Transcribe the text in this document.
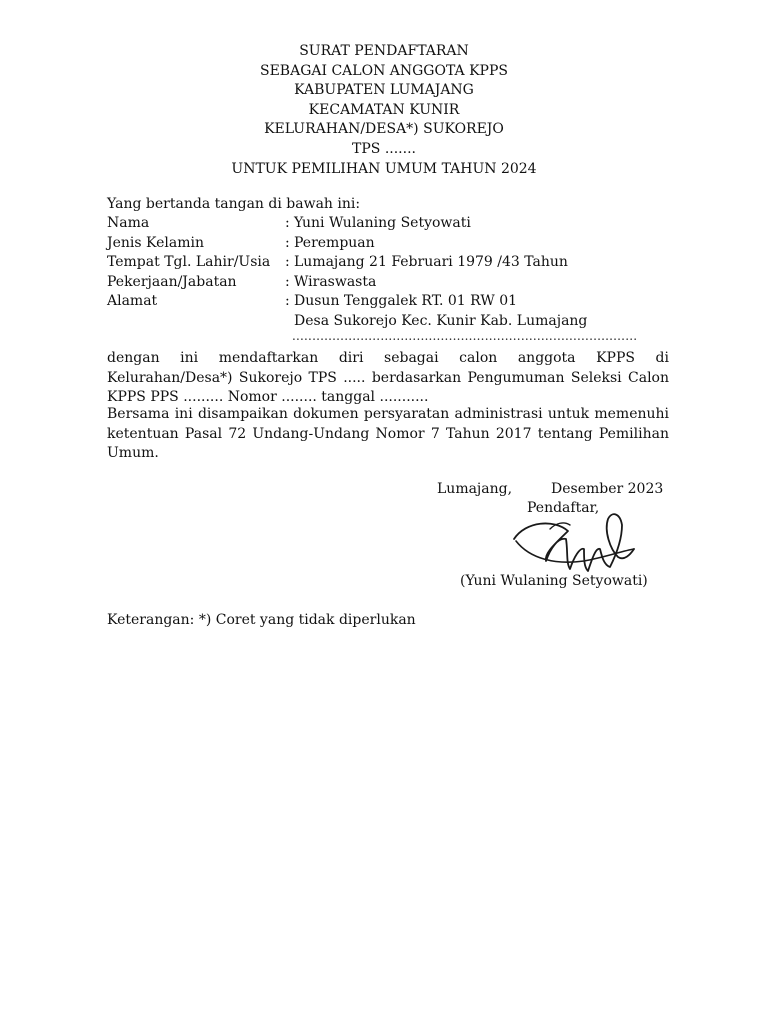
SURAT PENDAFTARAN
SEBAGAI CALON ANGGOTA KPPS
KABUPATEN LUMAJANG
KECAMATAN KUNIR
KELURAHAN/DESA*) SUKOREJO
TPS .......
UNTUK PEMILIHAN UMUM TAHUN 2024
Yang bertanda tangan di bawah ini:
Nama	: Yuni Wulaning Setyowati
Jenis Kelamin	: Perempuan
Tempat Tgl. Lahir/Usia : Lumajang 21 Februari 1979 /43 Tahun
Pekerjaan/Jabatan	: Wiraswasta
Alamat	: Dusun Tenggalek RT. 01 RW 01
Desa Sukorejo Kec. Kunir Kab. Lumajang
......................................................................................
dengan ini mendaftarkan diri sebagai calon anggota KPPS di Kelurahan/Desa*) Sukorejo TPS ..... berdasarkan Pengumuman Seleksi Calon KPPS PPS ......... Nomor ........ tanggal ...........
Bersama ini disampaikan dokumen persyaratan administrasi untuk memenuhi ketentuan Pasal 72 Undang-Undang Nomor 7 Tahun 2017 tentang Pemilihan Umum.
Lumajang,	Desember 2023
Pendaftar,
(Yuni Wulaning Setyowati)
Keterangan: *) Coret yang tidak diperlukan
